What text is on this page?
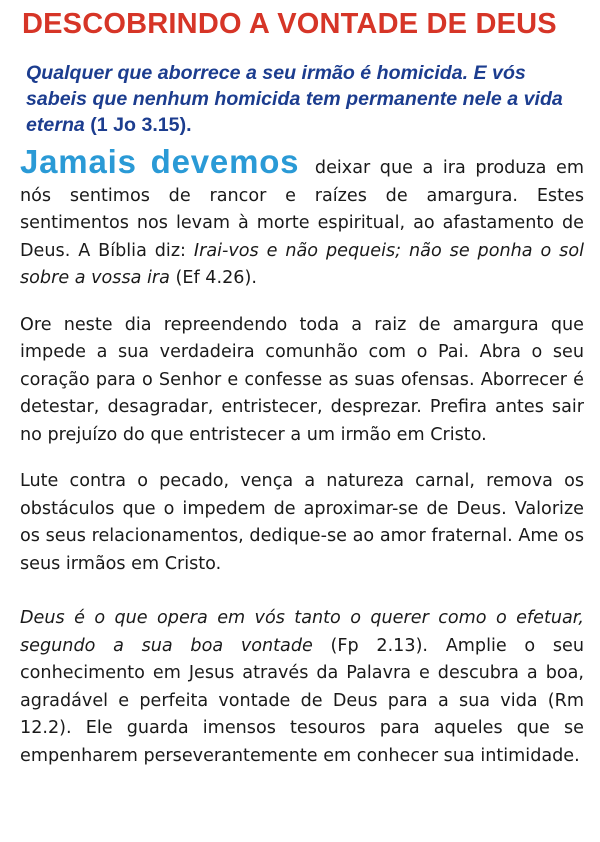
DESCOBRINDO A VONTADE DE DEUS

Qualquer que aborrece a seu irmão é homicida. E vós sabeis que nenhum homicida tem permanente nele a vida eterna (1 Jo 3.15).

Jamais devemos deixar que a ira produza em nós sentimos de rancor e raízes de amargura. Estes sentimentos nos levam à morte espiritual, ao afastamento de Deus. A Bíblia diz: Irai-vos e não pequeis; não se ponha o sol sobre a vossa ira (Ef 4.26).

Ore neste dia repreendendo toda a raiz de amargura que impede a sua verdadeira comunhão com o Pai. Abra o seu coração para o Senhor e confesse as suas ofensas. Aborrecer é detestar, desagradar, entristecer, desprezar. Prefira antes sair no prejuízo do que entristecer a um irmão em Cristo.

Lute contra o pecado, vença a natureza carnal, remova os obstáculos que o impedem de aproximar-se de Deus. Valorize os seus relacionamentos, dedique-se ao amor fraternal. Ame os seus irmãos em Cristo.

Deus é o que opera em vós tanto o querer como o efetuar, segundo a sua boa vontade (Fp 2.13). Amplie o seu conhecimento em Jesus através da Palavra e descubra a boa, agradável e perfeita vontade de Deus para a sua vida (Rm 12.2). Ele guarda imensos tesouros para aqueles que se empenharem perseverantemente em conhecer sua intimidade.
